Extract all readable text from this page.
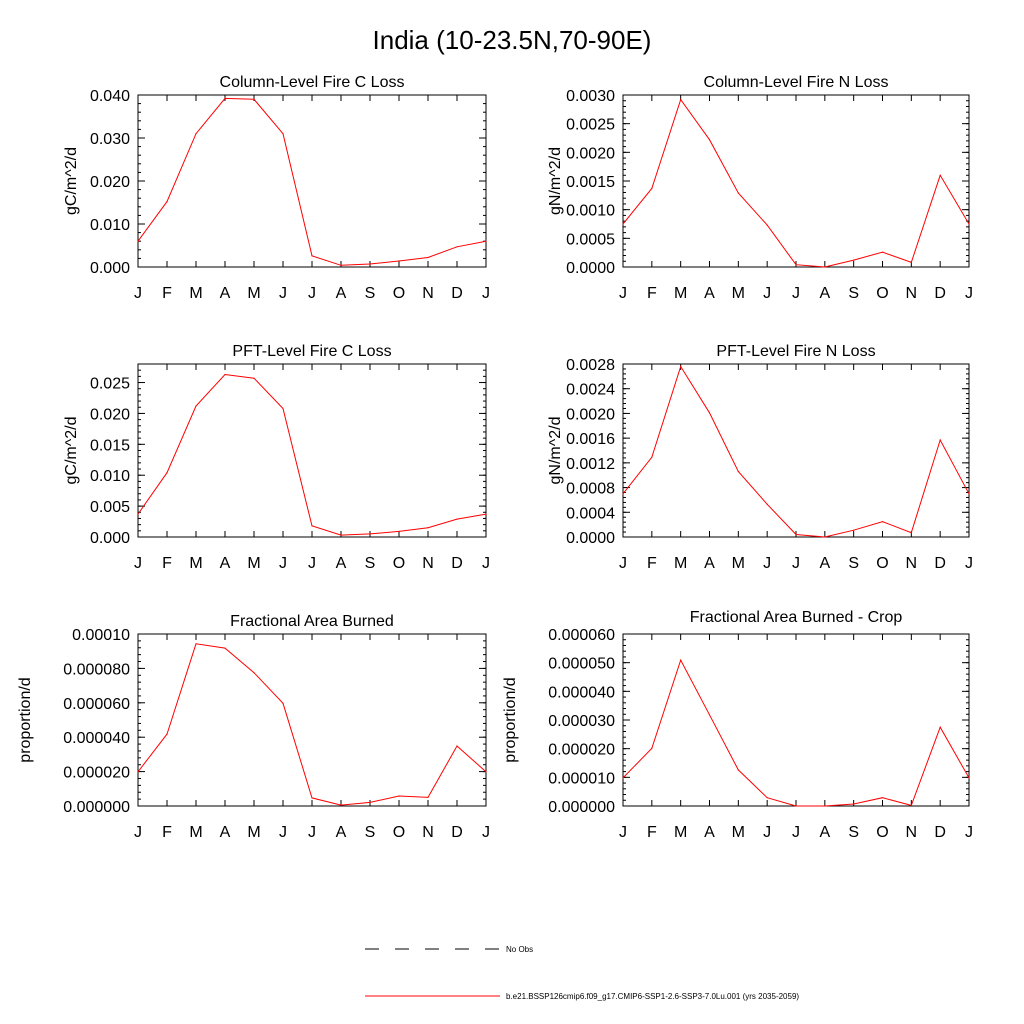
India (10-23.5N,70-90E)
Column-Level Fire C Loss
J F M A M J J A S O N D J
0.000
0.010
0.020
0.030
0.040
gC/m^2/d
Column-Level Fire N Loss
J F M A M J J A S O N D J
0.0000
0.0005
0.0010
0.0015
0.0020
0.0025
0.0030
gN/m^2/d
PFT-Level Fire C Loss
J F M A M J J A S O N D J
0.000
0.005
0.010
0.015
0.020
0.025
gC/m^2/d
PFT-Level Fire N Loss
J F M A M J J A S O N D J
0.0000
0.0004
0.0008
0.0012
0.0016
0.0020
0.0024
0.0028
gN/m^2/d
Fractional Area Burned
J F M A M J J A S O N D J
0.000000
0.000020
0.000040
0.000060
0.000080
0.00010
proportion/d
Fractional Area Burned - Crop
J F M A M J J A S O N D J
0.000000
0.000010
0.000020
0.000030
0.000040
0.000050
0.000060
proportion/d
No Obs
b.e21.BSSP126cmip6.f09_g17.CMIP6-SSP1-2.6-SSP3-7.0Lu.001 (yrs 2035-2059)
